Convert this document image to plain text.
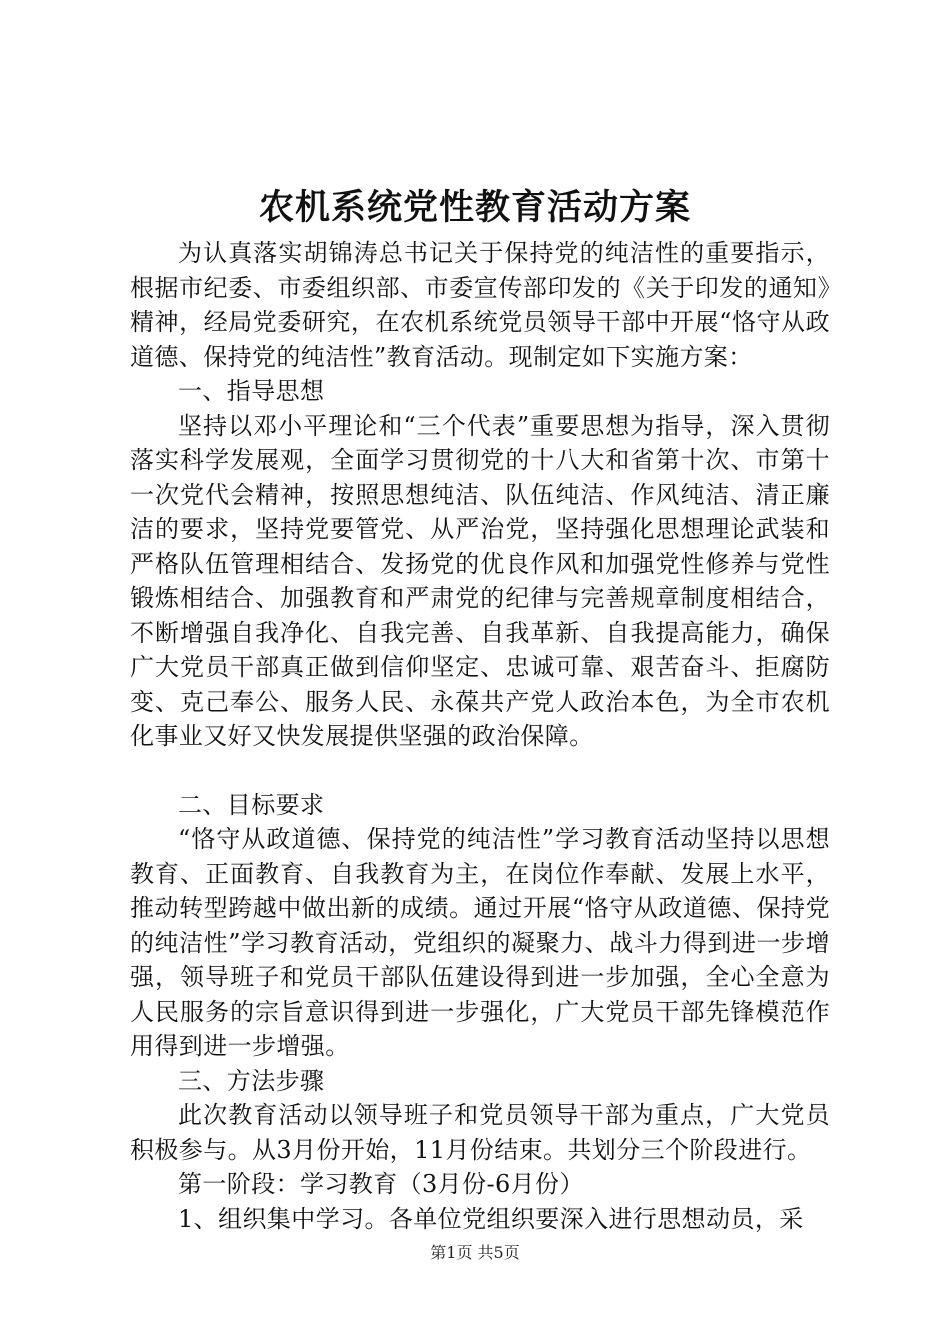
农机系统党性教育活动方案

为认真落实胡锦涛总书记关于保持党的纯洁性的重要指示，根据市纪委、市委组织部、市委宣传部印发的《关于印发的通知》精神，经局党委研究，在农机系统党员领导干部中开展“恪守从政道德、保持党的纯洁性”教育活动。现制定如下实施方案：

一、指导思想

坚持以邓小平理论和“三个代表”重要思想为指导，深入贯彻落实科学发展观，全面学习贯彻党的十八大和省第十次、市第十一次党代会精神，按照思想纯洁、队伍纯洁、作风纯洁、清正廉洁的要求，坚持党要管党、从严治党，坚持强化思想理论武装和严格队伍管理相结合、发扬党的优良作风和加强党性修养与党性锻炼相结合、加强教育和严肃党的纪律与完善规章制度相结合，不断增强自我净化、自我完善、自我革新、自我提高能力，确保广大党员干部真正做到信仰坚定、忠诚可靠、艰苦奋斗、拒腐防变、克己奉公、服务人民、永葆共产党人政治本色，为全市农机化事业又好又快发展提供坚强的政治保障。

二、目标要求

“恪守从政道德、保持党的纯洁性”学习教育活动坚持以思想教育、正面教育、自我教育为主，在岗位作奉献、发展上水平，推动转型跨越中做出新的成绩。通过开展“恪守从政道德、保持党的纯洁性”学习教育活动，党组织的凝聚力、战斗力得到进一步增强，领导班子和党员干部队伍建设得到进一步加强，全心全意为人民服务的宗旨意识得到进一步强化，广大党员干部先锋模范作用得到进一步增强。

三、方法步骤

此次教育活动以领导班子和党员领导干部为重点，广大党员积极参与。从3月份开始，11月份结束。共划分三个阶段进行。

第一阶段：学习教育（3月份-6月份）

1、组织集中学习。各单位党组织要深入进行思想动员，采

第1页 共5页
